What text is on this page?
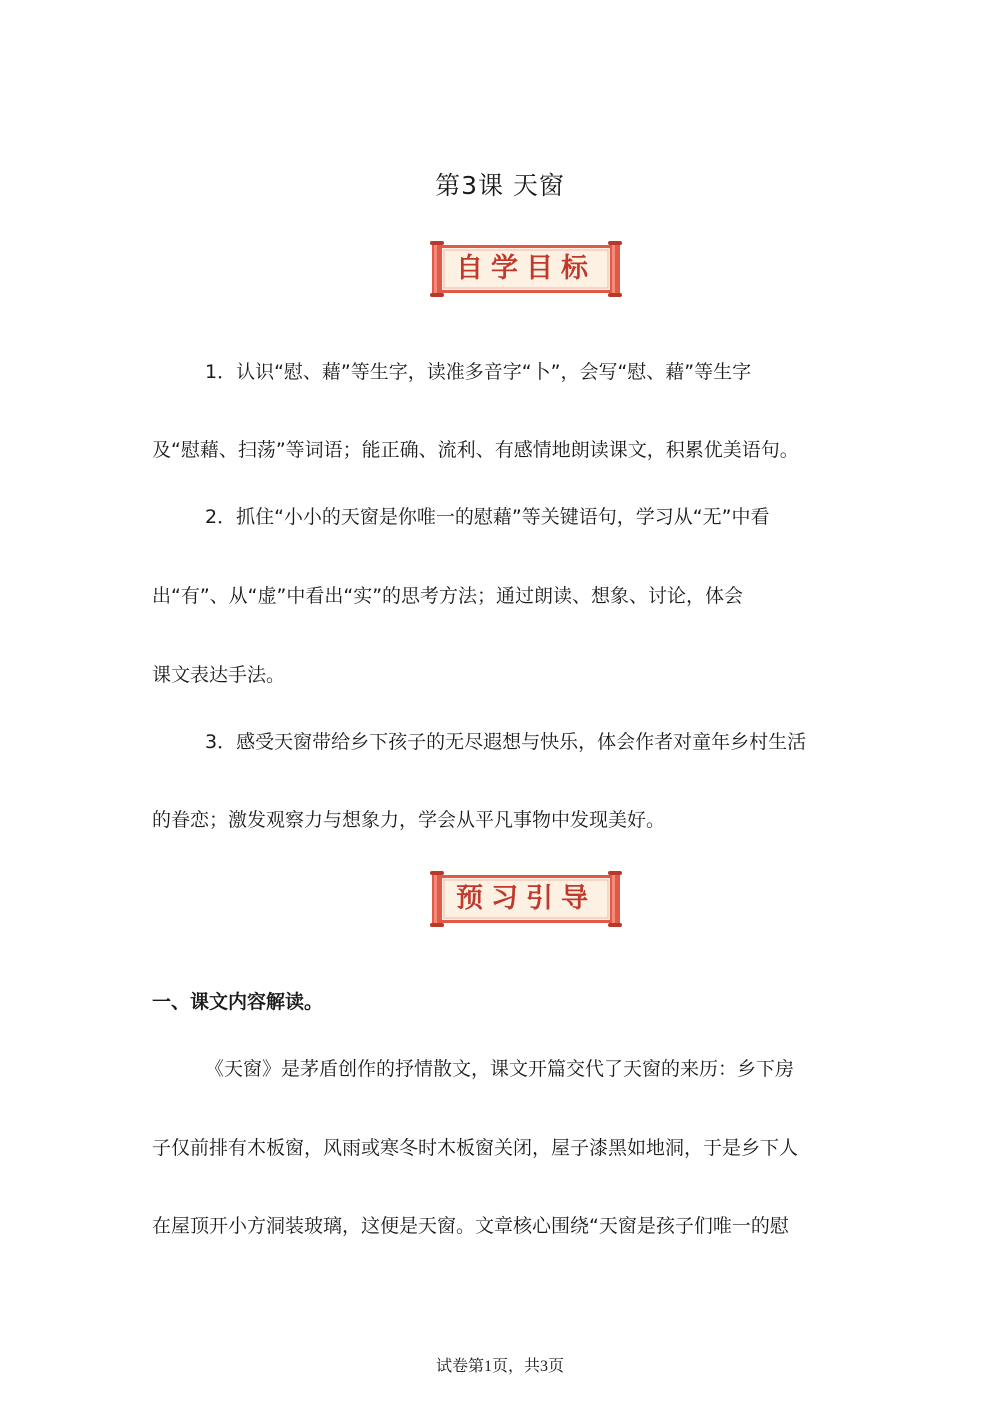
第3课 天窗
自学目标
1．认识“慰、藉”等生字，读准多音字“卜”，会写“慰、藉”等生字
及“慰藉、扫荡”等词语；能正确、流利、有感情地朗读课文，积累优美语句。
2．抓住“小小的天窗是你唯一的慰藉”等关键语句，学习从“无”中看
出“有”、从“虚”中看出“实”的思考方法；通过朗读、想象、讨论，体会
课文表达手法。
3．感受天窗带给乡下孩子的无尽遐想与快乐，体会作者对童年乡村生活
的眷恋；激发观察力与想象力，学会从平凡事物中发现美好。
预习引导
一、课文内容解读。
《天窗》是茅盾创作的抒情散文，课文开篇交代了天窗的来历：乡下房
子仅前排有木板窗，风雨或寒冬时木板窗关闭，屋子漆黑如地洞，于是乡下人
在屋顶开小方洞装玻璃，这便是天窗。文章核心围绕“天窗是孩子们唯一的慰
试卷第1页，共3页
